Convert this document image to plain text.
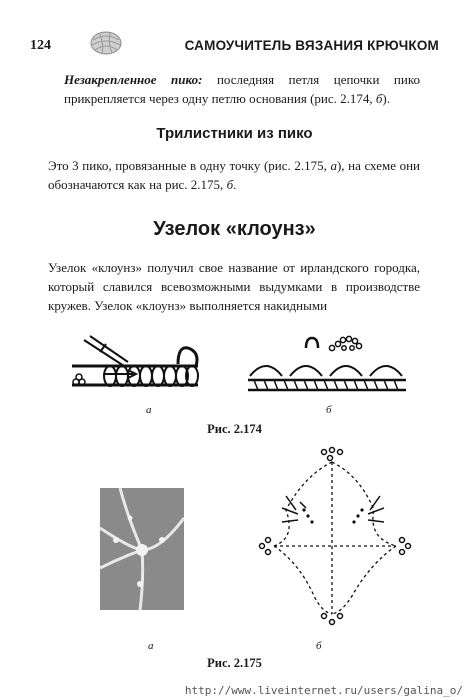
124	САМОУЧИТЕЛЬ ВЯЗАНИЯ КРЮЧКОМ

Незакрепленное пико: последняя петля цепочки пико прикрепляется через одну петлю основания (рис. 2.174, б).

Трилистники из пико

Это 3 пико, провязанные в одну точку (рис. 2.175, а), на схеме они обозначаются как на рис. 2.175, б.

Узелок «клоунз»

Узелок «клоунз» получил свое название от ирландского городка, который славился всевозможными выдумками в производстве кружев. Узелок «клоунз» выполняется накидными

а	б
Рис. 2.174
а	б
Рис. 2.175
http://www.liveinternet.ru/users/galina_o/
